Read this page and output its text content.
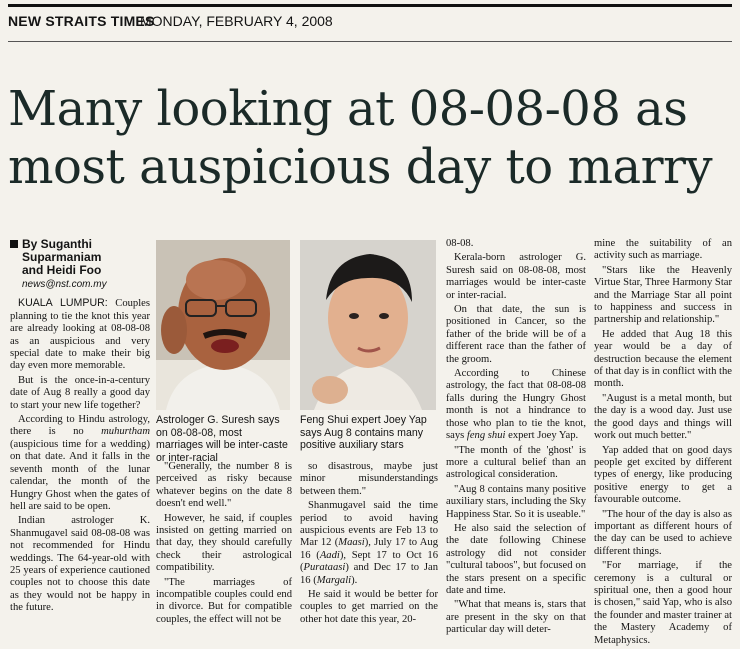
NEW STRAITS TIMES
MONDAY, FEBRUARY 4, 2008
Many looking at 08-08-08 as
most auspicious day to marry
By Suganthi
Suparmaniam
and Heidi Foo
news@nst.com.my

KUALA LUMPUR: Couples planning to tie the knot this year are already looking at 08-08-08 as an auspicious and very special date to make their big day even more memorable.

But is the once-in-a-century date of Aug 8 really a good day to start your new life together?

According to Hindu astrology, there is no muhurtham (auspicious time for a wedding) on that date. And it falls in the seventh month of the lunar calendar, the month of the Hungry Ghost when the gates of hell are said to be open.

Indian astrologer K. Shanmugavel said 08-08-08 was not recommended for Hindu weddings. The 64-year-old with 25 years of experience cautioned couples not to choose this date as they would not be happy in the future.

Astrologer G. Suresh says on 08-08-08, most marriages will be inter-caste or inter-racial

"Generally, the number 8 is perceived as risky because whatever begins on the date 8 doesn't end well."

However, he said, if couples insisted on getting married on that day, they should carefully check their astrological compatibility.

"The marriages of incompatible couples could end in divorce. But for compatible couples, the effect will not be

Feng Shui expert Joey Yap says Aug 8 contains many positive auxiliary stars

so disastrous, maybe just minor misunderstandings between them."

Shanmugavel said the time period to avoid having auspicious events are Feb 13 to Mar 12 (Maasi), July 17 to Aug 16 (Aadi), Sept 17 to Oct 16 (Purataasi) and Dec 17 to Jan 16 (Margali).

He said it would be better for couples to get married on the other hot date this year, 20-

08-08.

Kerala-born astrologer G. Suresh said on 08-08-08, most marriages would be inter-caste or inter-racial.

On that date, the sun is positioned in Cancer, so the father of the bride will be of a different race than the father of the groom.

According to Chinese astrology, the fact that 08-08-08 falls during the Hungry Ghost month is not a hindrance to those who plan to tie the knot, says feng shui expert Joey Yap.

"The month of the 'ghost' is more a cultural belief than an astrological consideration.

"Aug 8 contains many positive auxiliary stars, including the Sky Happiness Star. So it is useable."

He also said the selection of the date following Chinese astrology did not consider "cultural taboos", but focused on the stars present on a specific date and time.

"What that means is, stars that are present in the sky on that particular day will deter-

mine the suitability of an activity such as marriage.

"Stars like the Heavenly Virtue Star, Three Harmony Star and the Marriage Star all point to happiness and success in partnership and relationship."

He added that Aug 18 this year would be a day of destruction because the element of that day is in conflict with the month.

"August is a metal month, but the day is a wood day. Just use the good days and things will work out much better."

Yap added that on good days people get excited by different types of energy, like producing positive energy to get a favourable outcome.

"The hour of the day is also as important as different hours of the day can be used to achieve different things.

"For marriage, if the ceremony is a cultural or spiritual one, then a good hour is chosen," said Yap, who is also the founder and master trainer at the Mastery Academy of Metaphysics.
